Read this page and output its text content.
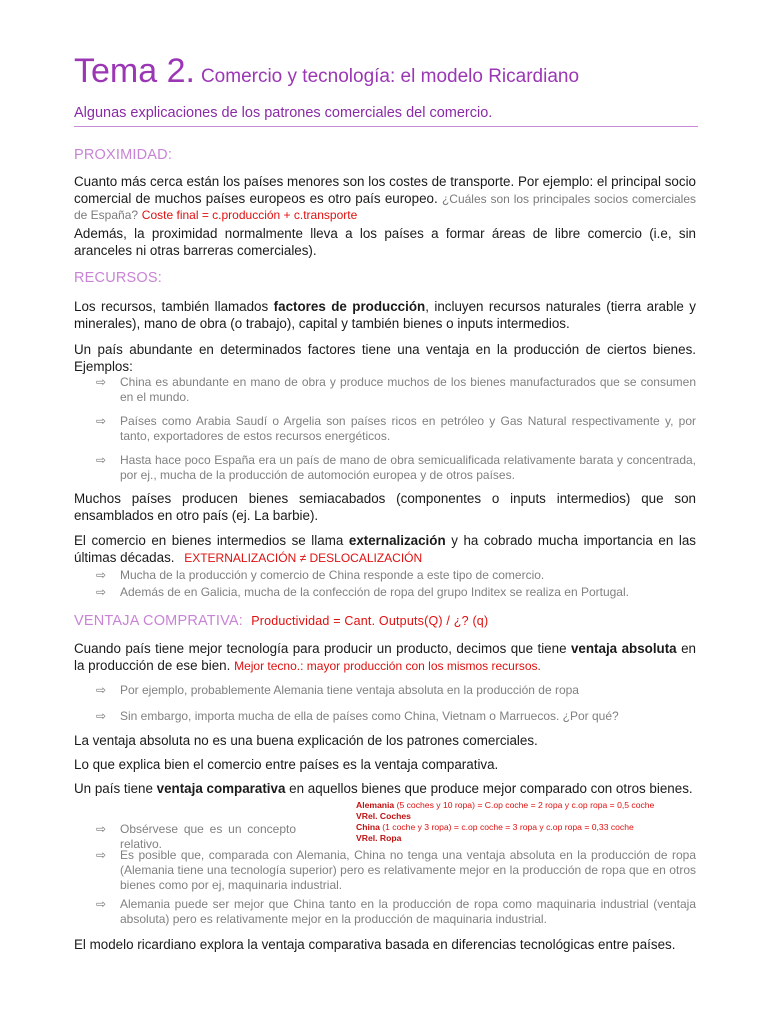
Tema 2. Comercio y tecnología: el modelo Ricardiano
Algunas explicaciones de los patrones comerciales del comercio.
PROXIMIDAD:
Cuanto más cerca están los países menores son los costes de transporte. Por ejemplo: el principal socio comercial de muchos países europeos es otro país europeo. ¿Cuáles son los principales socios comerciales de España? Coste final = c.producción + c.transporte
Además, la proximidad normalmente lleva a los países a formar áreas de libre comercio (i.e, sin aranceles ni otras barreras comerciales).
RECURSOS:
Los recursos, también llamados factores de producción, incluyen recursos naturales (tierra arable y minerales), mano de obra (o trabajo), capital y también bienes o inputs intermedios.
Un país abundante en determinados factores tiene una ventaja en la producción de ciertos bienes. Ejemplos:
⇨ China es abundante en mano de obra y produce muchos de los bienes manufacturados que se consumen en el mundo.
⇨ Países como Arabia Saudí o Argelia son países ricos en petróleo y Gas Natural respectivamente y, por tanto, exportadores de estos recursos energéticos.
⇨ Hasta hace poco España era un país de mano de obra semicualificada relativamente barata y concentrada, por ej., mucha de la producción de automoción europea y de otros países.
Muchos países producen bienes semiacabados (componentes o inputs intermedios) que son ensamblados en otro país (ej. La barbie).
El comercio en bienes intermedios se llama externalización y ha cobrado mucha importancia en las últimas décadas. EXTERNALIZACIÓN ≠ DESLOCALIZACIÓN
⇨ Mucha de la producción y comercio de China responde a este tipo de comercio.
⇨ Además de en Galicia, mucha de la confección de ropa del grupo Inditex se realiza en Portugal.
VENTAJA COMPRATIVA: Productividad = Cant. Outputs(Q) / ¿? (q)
Cuando país tiene mejor tecnología para producir un producto, decimos que tiene ventaja absoluta en la producción de ese bien. Mejor tecno.: mayor producción con los mismos recursos.
⇨ Por ejemplo, probablemente Alemania tiene ventaja absoluta en la producción de ropa
⇨ Sin embargo, importa mucha de ella de países como China, Vietnam o Marruecos. ¿Por qué?
La ventaja absoluta no es una buena explicación de los patrones comerciales.
Lo que explica bien el comercio entre países es la ventaja comparativa.
Un país tiene ventaja comparativa en aquellos bienes que produce mejor comparado con otros bienes.
Alemania (5 coches y 10 ropa) = C.op coche = 2 ropa y c.op ropa = 0,5 coche
VRel. Coches
China (1 coche y 3 ropa) = c.op coche = 3 ropa y c.op ropa = 0,33 coche
VRel. Ropa
⇨ Obsérvese que es un concepto relativo.
⇨ Es posible que, comparada con Alemania, China no tenga una ventaja absoluta en la producción de ropa (Alemania tiene una tecnología superior) pero es relativamente mejor en la producción de ropa que en otros bienes como por ej, maquinaria industrial.
⇨ Alemania puede ser mejor que China tanto en la producción de ropa como maquinaria industrial (ventaja absoluta) pero es relativamente mejor en la producción de maquinaria industrial.
El modelo ricardiano explora la ventaja comparativa basada en diferencias tecnológicas entre países.
